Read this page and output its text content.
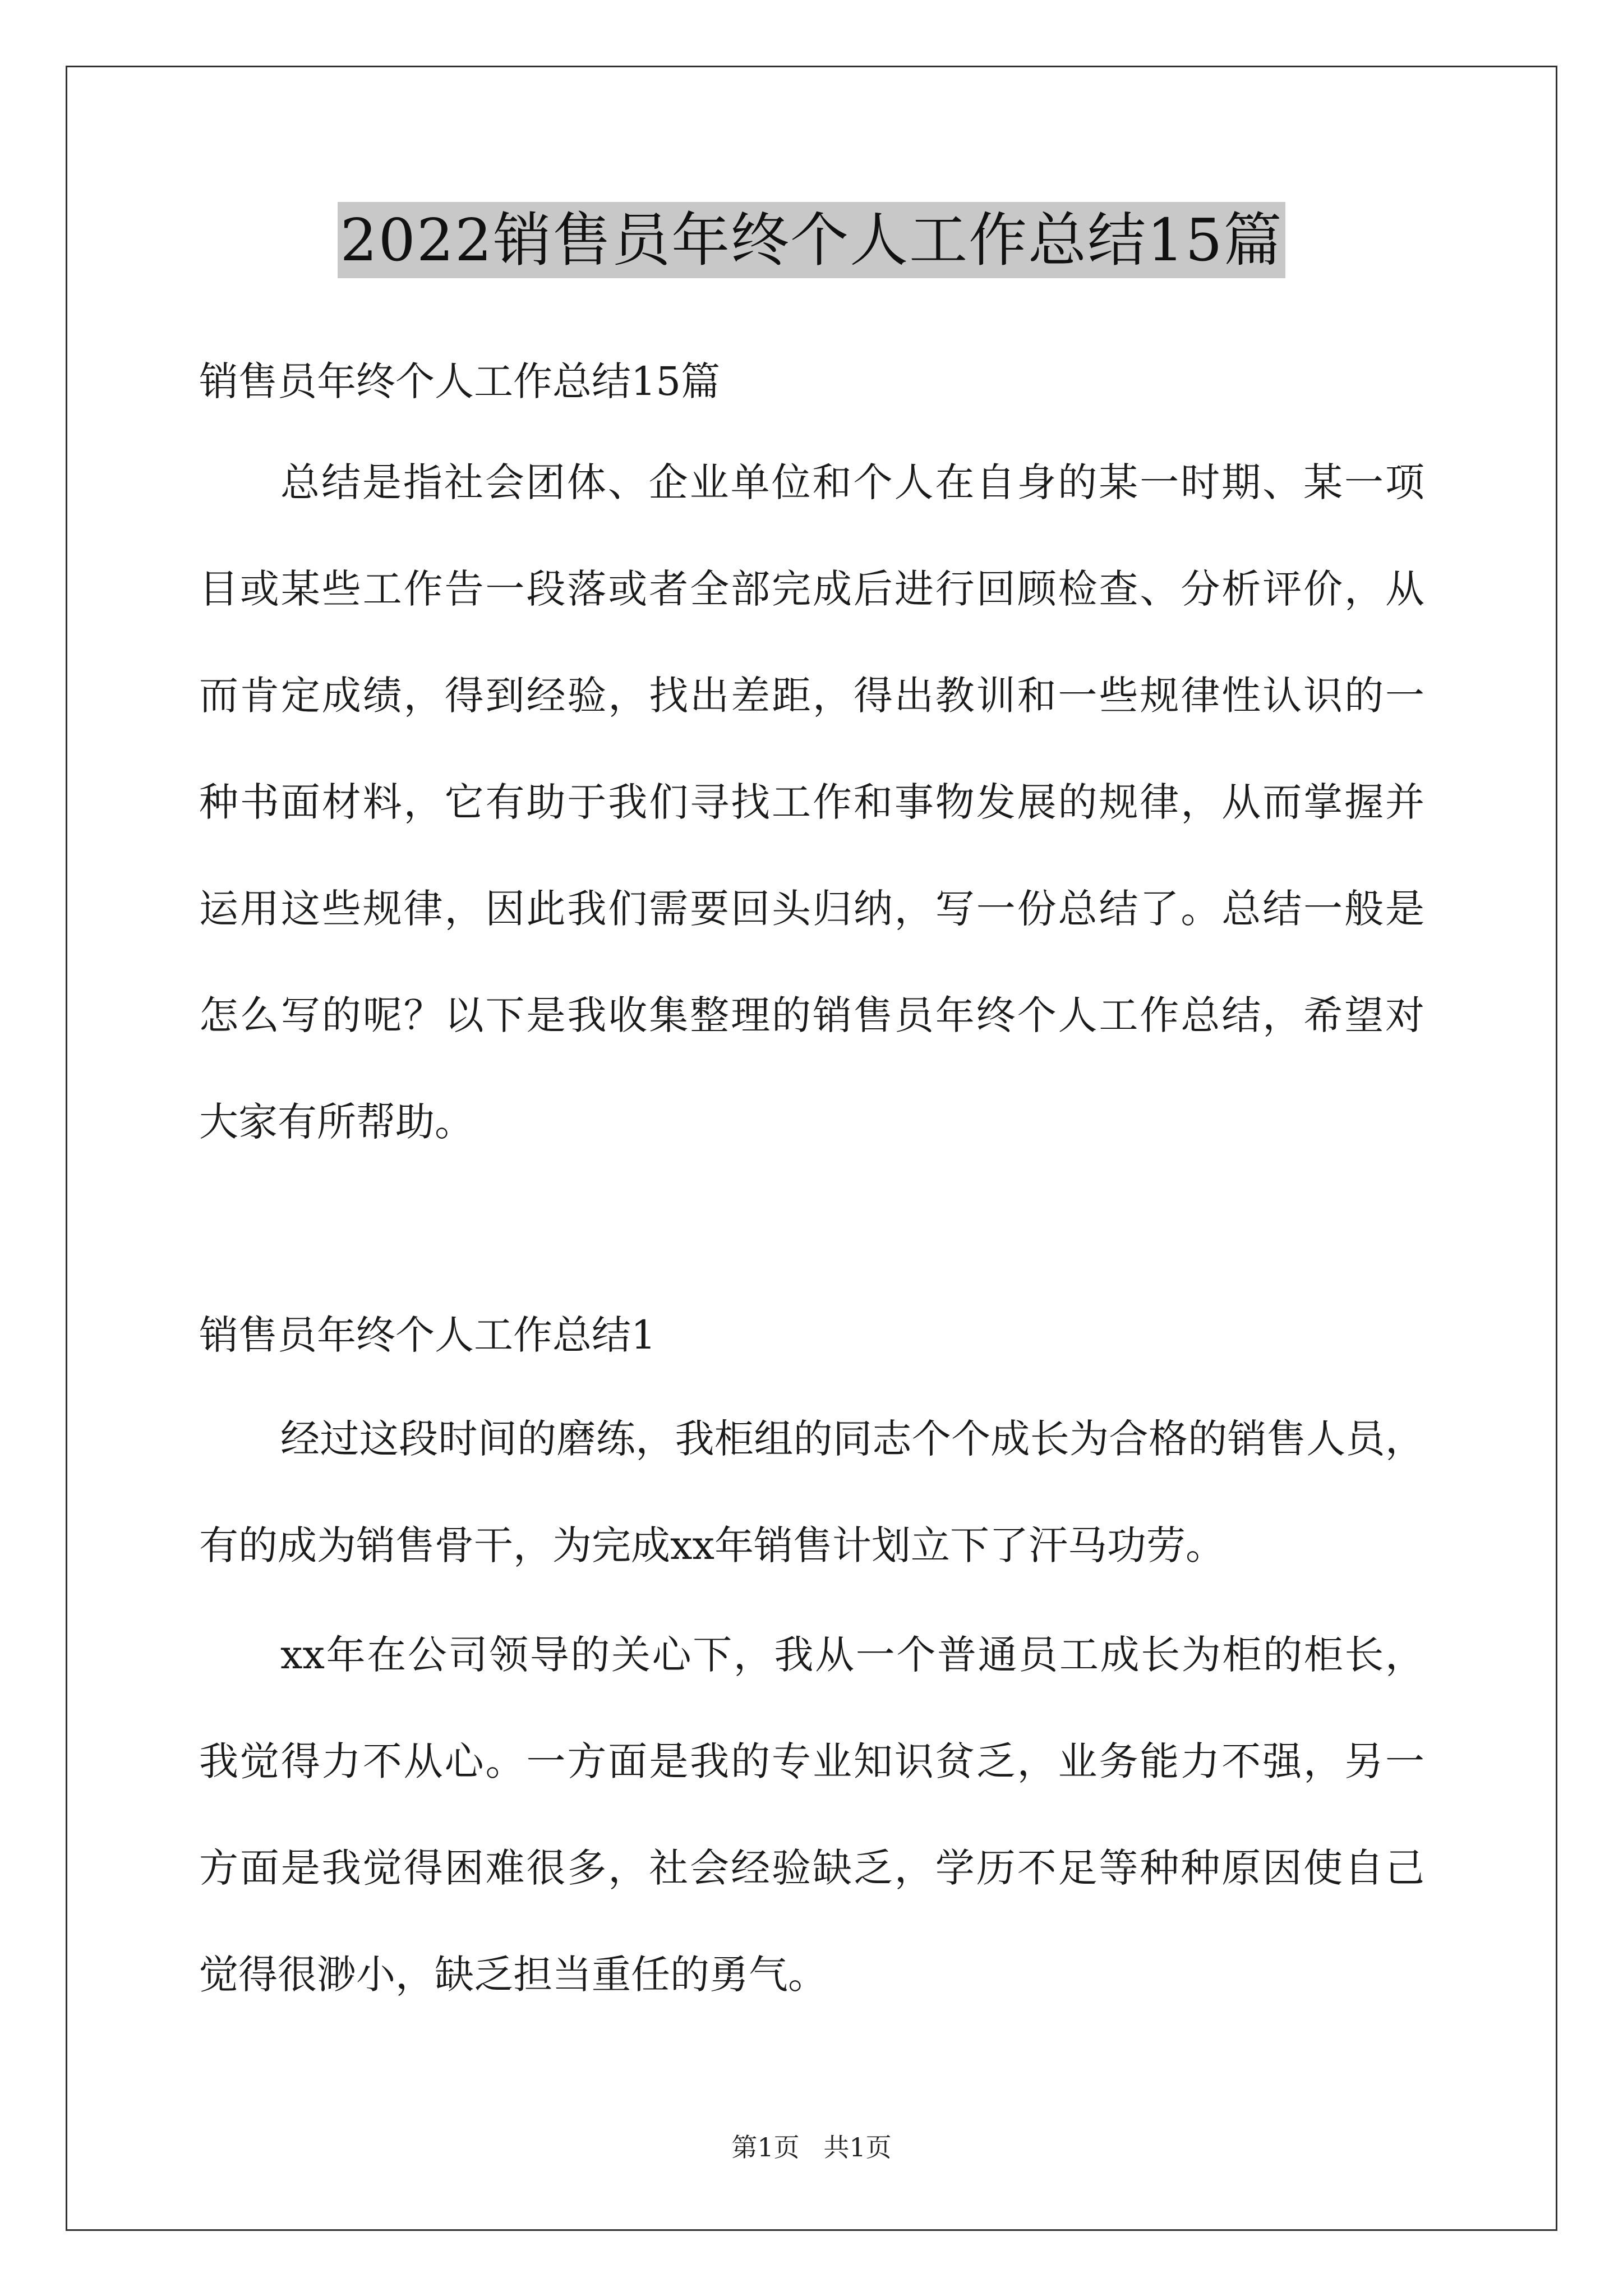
2022销售员年终个人工作总结15篇
销售员年终个人工作总结15篇
总结是指社会团体、企业单位和个人在自身的某一时期、某一项
目或某些工作告一段落或者全部完成后进行回顾检查、分析评价，从
而肯定成绩，得到经验，找出差距，得出教训和一些规律性认识的一
种书面材料，它有助于我们寻找工作和事物发展的规律，从而掌握并
运用这些规律，因此我们需要回头归纳，写一份总结了。总结一般是
怎么写的呢？以下是我收集整理的销售员年终个人工作总结，希望对
大家有所帮助。
销售员年终个人工作总结1
经过这段时间的磨练，我柜组的同志个个成长为合格的销售人员，
有的成为销售骨干，为完成xx年销售计划立下了汗马功劳。
xx年在公司领导的关心下，我从一个普通员工成长为柜的柜长，
我觉得力不从心。一方面是我的专业知识贫乏，业务能力不强，另一
方面是我觉得困难很多，社会经验缺乏，学历不足等种种原因使自己
觉得很渺小，缺乏担当重任的勇气。
第1页 共1页
